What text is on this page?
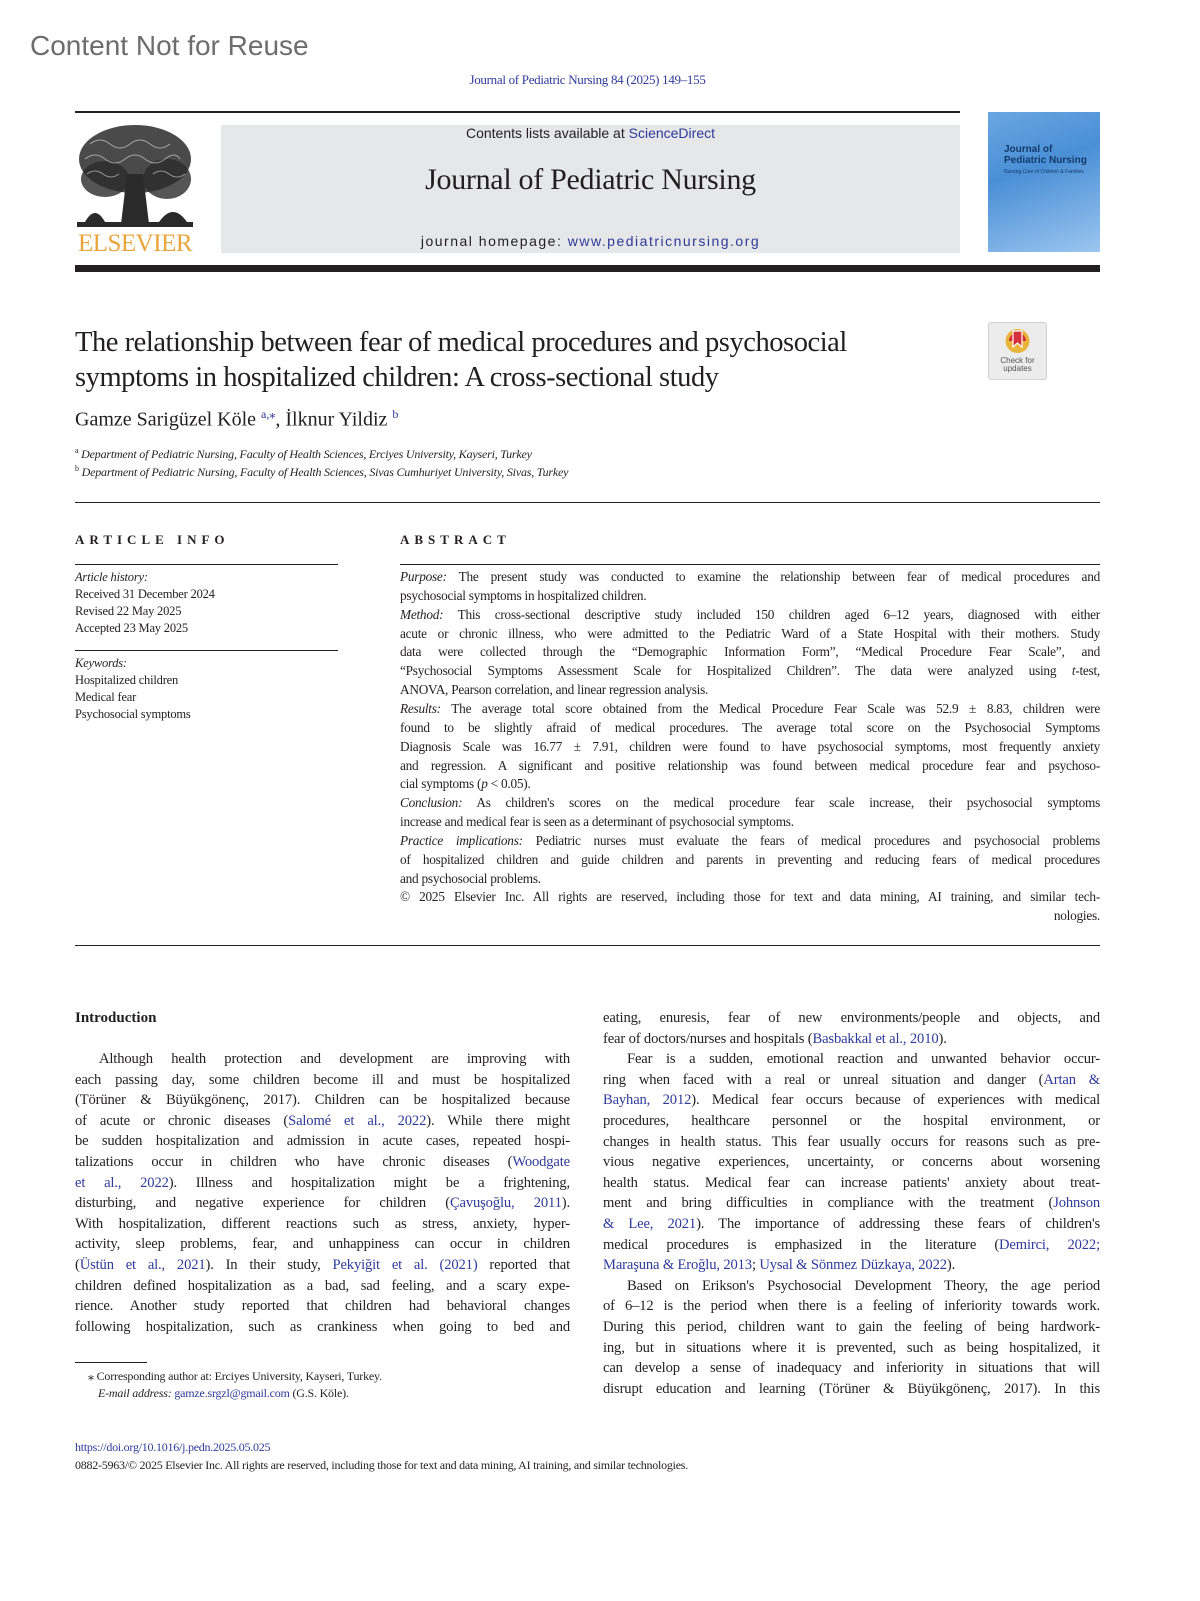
Content Not for Reuse
Journal of Pediatric Nursing 84 (2025) 149–155
ELSEVIER
Contents lists available at ScienceDirect
Journal of Pediatric Nursing
journal homepage: www.pediatricnursing.org
Journal of Pediatric Nursing
Nursing Care of Children & Families
The relationship between fear of medical procedures and psychosocial
symptoms in hospitalized children: A cross-sectional study
Check for updates
Gamze Sarigüzel Köle $^{a,⁎}$, İlknur Yildiz $^b$
$^a$ Department of Pediatric Nursing, Faculty of Health Sciences, Erciyes University, Kayseri, Turkey
$^b$ Department of Pediatric Nursing, Faculty of Health Sciences, Sivas Cumhuriyet University, Sivas, Turkey
ARTICLE INFO	ABSTRACT
Article history:
Received 31 December 2024
Revised 22 May 2025
Accepted 23 May 2025
Keywords:
Hospitalized children
Medical fear
Psychosocial symptoms
Purpose: The present study was conducted to examine the relationship between fear of medical procedures and
psychosocial symptoms in hospitalized children.
Method: This cross-sectional descriptive study included 150 children aged 6–12 years, diagnosed with either
acute or chronic illness, who were admitted to the Pediatric Ward of a State Hospital with their mothers. Study
data were collected through the “Demographic Information Form”, “Medical Procedure Fear Scale”, and
“Psychosocial Symptoms Assessment Scale for Hospitalized Children”. The data were analyzed using t-test,
ANOVA, Pearson correlation, and linear regression analysis.
Results: The average total score obtained from the Medical Procedure Fear Scale was 52.9 ± 8.83, children were
found to be slightly afraid of medical procedures. The average total score on the Psychosocial Symptoms
Diagnosis Scale was 16.77 ± 7.91, children were found to have psychosocial symptoms, most frequently anxiety
and regression. A significant and positive relationship was found between medical procedure fear and psychoso-
cial symptoms (p < 0.05).
Conclusion: As children's scores on the medical procedure fear scale increase, their psychosocial symptoms
increase and medical fear is seen as a determinant of psychosocial symptoms.
Practice implications: Pediatric nurses must evaluate the fears of medical procedures and psychosocial problems
of hospitalized children and guide children and parents in preventing and reducing fears of medical procedures
and psychosocial problems.
© 2025 Elsevier Inc. All rights are reserved, including those for text and data mining, AI training, and similar tech-
nologies.
Introduction
Although health protection and development are improving with
each passing day, some children become ill and must be hospitalized
(Törüner & Büyükgönenç, 2017). Children can be hospitalized because
of acute or chronic diseases (Salomé et al., 2022). While there might
be sudden hospitalization and admission in acute cases, repeated hospi-
talizations occur in children who have chronic diseases (Woodgate
et al., 2022). Illness and hospitalization might be a frightening,
disturbing, and negative experience for children (Çavuşoğlu, 2011).
With hospitalization, different reactions such as stress, anxiety, hyper-
activity, sleep problems, fear, and unhappiness can occur in children
(Üstün et al., 2021). In their study, Pekyiğit et al. (2021) reported that
children defined hospitalization as a bad, sad feeling, and a scary expe-
rience. Another study reported that children had behavioral changes
following hospitalization, such as crankiness when going to bed and
eating, enuresis, fear of new environments/people and objects, and
fear of doctors/nurses and hospitals (Basbakkal et al., 2010).
Fear is a sudden, emotional reaction and unwanted behavior occur-
ring when faced with a real or unreal situation and danger (Artan &
Bayhan, 2012). Medical fear occurs because of experiences with medical
procedures, healthcare personnel or the hospital environment, or
changes in health status. This fear usually occurs for reasons such as pre-
vious negative experiences, uncertainty, or concerns about worsening
health status. Medical fear can increase patients' anxiety about treat-
ment and bring difficulties in compliance with the treatment (Johnson
& Lee, 2021). The importance of addressing these fears of children's
medical procedures is emphasized in the literature (Demirci, 2022;
Maraşuna & Eroğlu, 2013; Uysal & Sönmez Düzkaya, 2022).
Based on Erikson's Psychosocial Development Theory, the age period
of 6–12 is the period when there is a feeling of inferiority towards work.
During this period, children want to gain the feeling of being hardwork-
ing, but in situations where it is prevented, such as being hospitalized, it
can develop a sense of inadequacy and inferiority in situations that will
disrupt education and learning (Törüner & Büyükgönenç, 2017). In this
⁎ Corresponding author at: Erciyes University, Kayseri, Turkey.
E-mail address: gamze.srgzl@gmail.com (G.S. Köle).
https://doi.org/10.1016/j.pedn.2025.05.025
0882-5963/© 2025 Elsevier Inc. All rights are reserved, including those for text and data mining, AI training, and similar technologies.
